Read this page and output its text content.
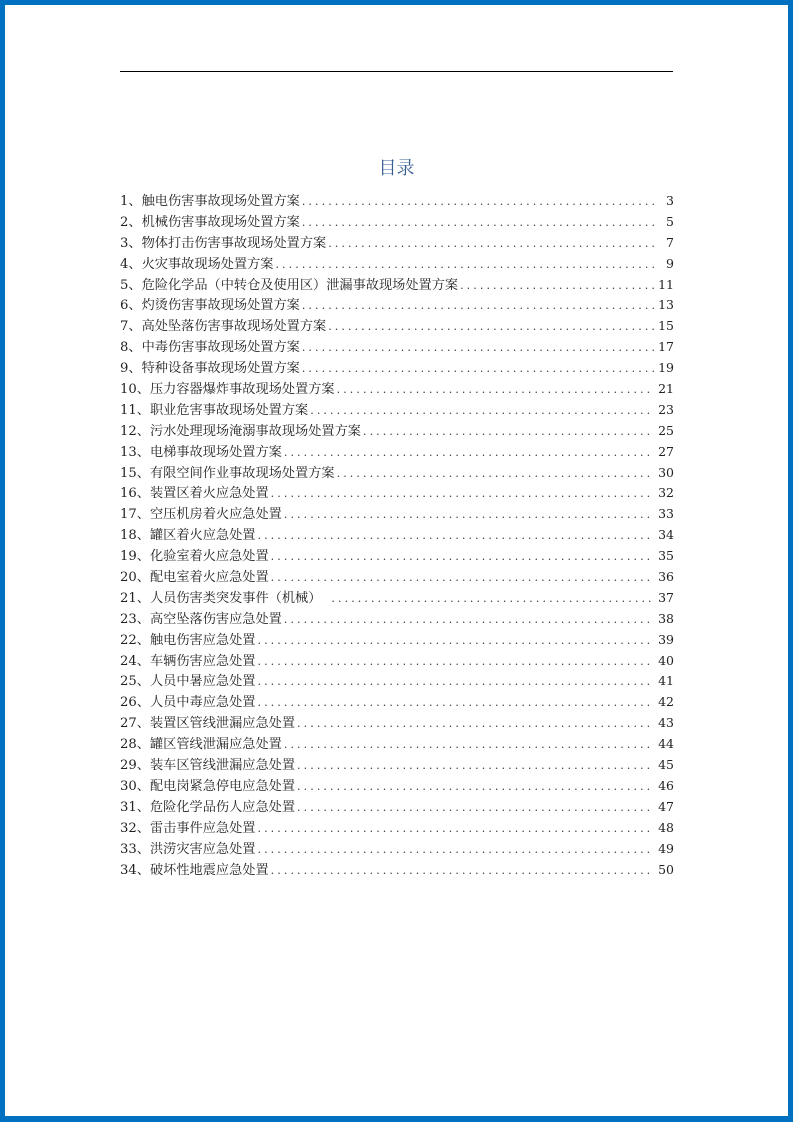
目录
1、触电伤害事故现场处置方案 .....	3
2、机械伤害事故现场处置方案 .....	5
3、物体打击伤害事故现场处置方案 .....	7
4、火灾事故现场处置方案 .....	9
5、危险化学品（中转仓及使用区）泄漏事故现场处置方案 .....	11
6、灼烫伤害事故现场处置方案 .....	13
7、高处坠落伤害事故现场处置方案 .....	15
8、中毒伤害事故现场处置方案 .....	17
9、特种设备事故现场处置方案 .....	19
10、压力容器爆炸事故现场处置方案 .....	21
11、职业危害事故现场处置方案 .....	23
12、污水处理现场淹溺事故现场处置方案 .....	25
13、电梯事故现场处置方案 .....	27
15、有限空间作业事故现场处置方案 .....	30
16、装置区着火应急处置 .....	32
17、空压机房着火应急处置 .....	33
18、罐区着火应急处置 .....	34
19、化验室着火应急处置 .....	35
20、配电室着火应急处置 .....	36
21、人员伤害类突发事件（机械） .....	37
23、高空坠落伤害应急处置 .....	38
22、触电伤害应急处置 .....	39
24、车辆伤害应急处置 .....	40
25、人员中暑应急处置 .....	41
26、人员中毒应急处置 .....	42
27、装置区管线泄漏应急处置 .....	43
28、罐区管线泄漏应急处置 .....	44
29、装车区管线泄漏应急处置 .....	45
30、配电岗紧急停电应急处置 .....	46
31、危险化学品伤人应急处置 .....	47
32、雷击事件应急处置 .....	48
33、洪涝灾害应急处置 .....	49
34、破坏性地震应急处置 .....	50
